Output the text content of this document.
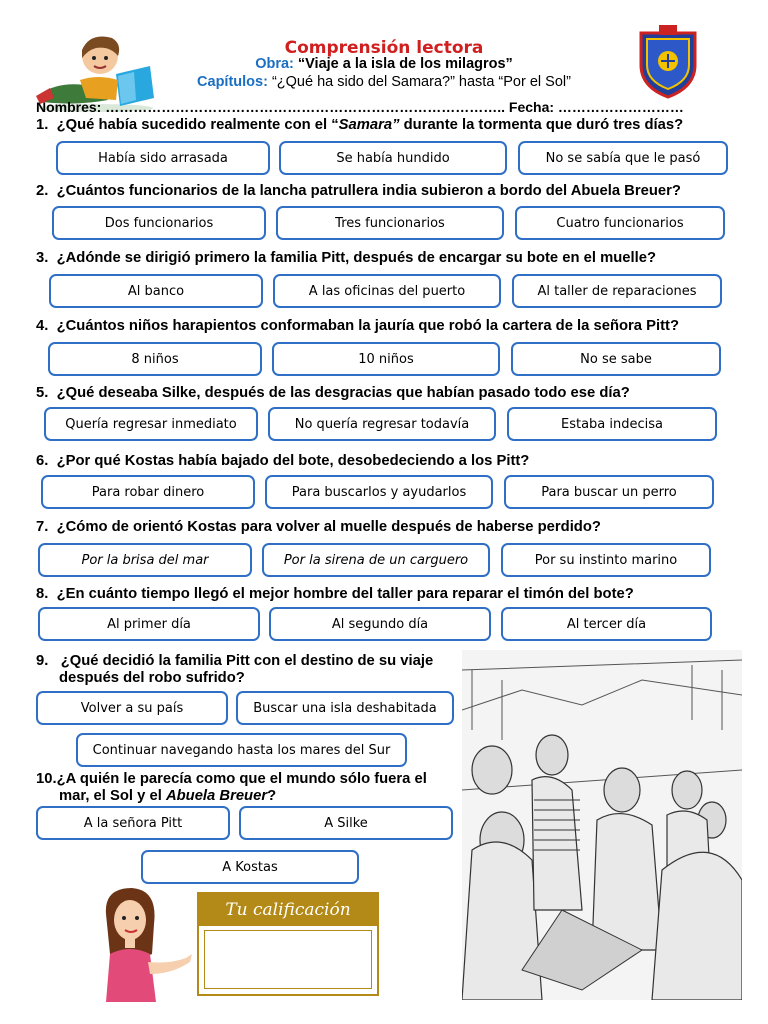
Comprensión lectora
Obra: “Viaje a la isla de los milagros”
Capítulos: “¿Qué ha sido del Samara?” hasta “Por el Sol”
Nombres: ………………………………………………………………………….. Fecha: ………………………
1. ¿Qué había sucedido realmente con el “Samara” durante la tormenta que duró tres días?
Había sido arrasada	Se había hundido	No se sabía que le pasó
2. ¿Cuántos funcionarios de la lancha patrullera india subieron a bordo del Abuela Breuer?
Dos funcionarios	Tres funcionarios	Cuatro funcionarios
3. ¿Adónde se dirigió primero la familia Pitt, después de encargar su bote en el muelle?
Al banco	A las oficinas del puerto	Al taller de reparaciones
4. ¿Cuántos niños harapientos conformaban la jauría que robó la cartera de la señora Pitt?
8 niños	10 niños	No se sabe
5. ¿Qué deseaba Silke, después de las desgracias que habían pasado todo ese día?
Quería regresar inmediato	No quería regresar todavía	Estaba indecisa
6. ¿Por qué Kostas había bajado del bote, desobedeciendo a los Pitt?
Para robar dinero	Para buscarlos y ayudarlos	Para buscar un perro
7. ¿Cómo de orientó Kostas para volver al muelle después de haberse perdido?
Por la brisa del mar	Por la sirena de un carguero	Por su instinto marino
8. ¿En cuánto tiempo llegó el mejor hombre del taller para reparar el timón del bote?
Al primer día	Al segundo día	Al tercer día
9.   ¿Qué decidió la familia Pitt con el destino de su viaje
después del robo sufrido?
Volver a su país	Buscar una isla deshabitada
Continuar navegando hasta los mares del Sur
10.¿A quién le parecía como que el mundo sólo fuera el
mar, el Sol y el Abuela Breuer?
A la señora Pitt	A Silke
A Kostas
Tu calificación
